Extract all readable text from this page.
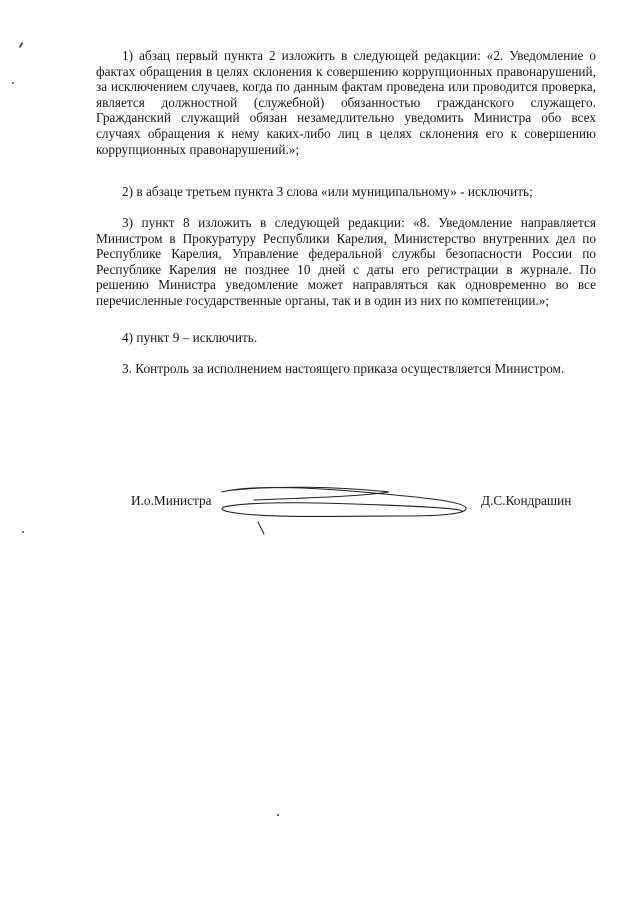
1) абзац первый пункта 2 изложить в следующей редакции: «2. Уведомление о фактах обращения в целях склонения к совершению коррупционных правонарушений, за исключением случаев, когда по данным фактам проведена или проводится проверка, является должностной (служебной) обязанностью гражданского служащего. Гражданский служащий обязан незамедлительно уведомить Министра обо всех случаях обращения к нему каких-либо лиц в целях склонения его к совершению коррупционных правонарушений.»;

2) в абзаце третьем пункта 3 слова «или муниципальному» - исключить;

3) пункт 8 изложить в следующей редакции: «8. Уведомление направляется Министром в Прокуратуру Республики Карелия, Министерство внутренних дел по Республике Карелия, Управление федеральной службы безопасности России по Республике Карелия не позднее 10 дней с даты его регистрации в журнале. По решению Министра уведомление может направляться как одновременно во все перечисленные государственные органы, так и в один из них по компетенции.»;

4) пункт 9 – исключить.

3. Контроль за исполнением настоящего приказа осуществляется Министром.

И.о.Министра	Д.С.Кондрашин
